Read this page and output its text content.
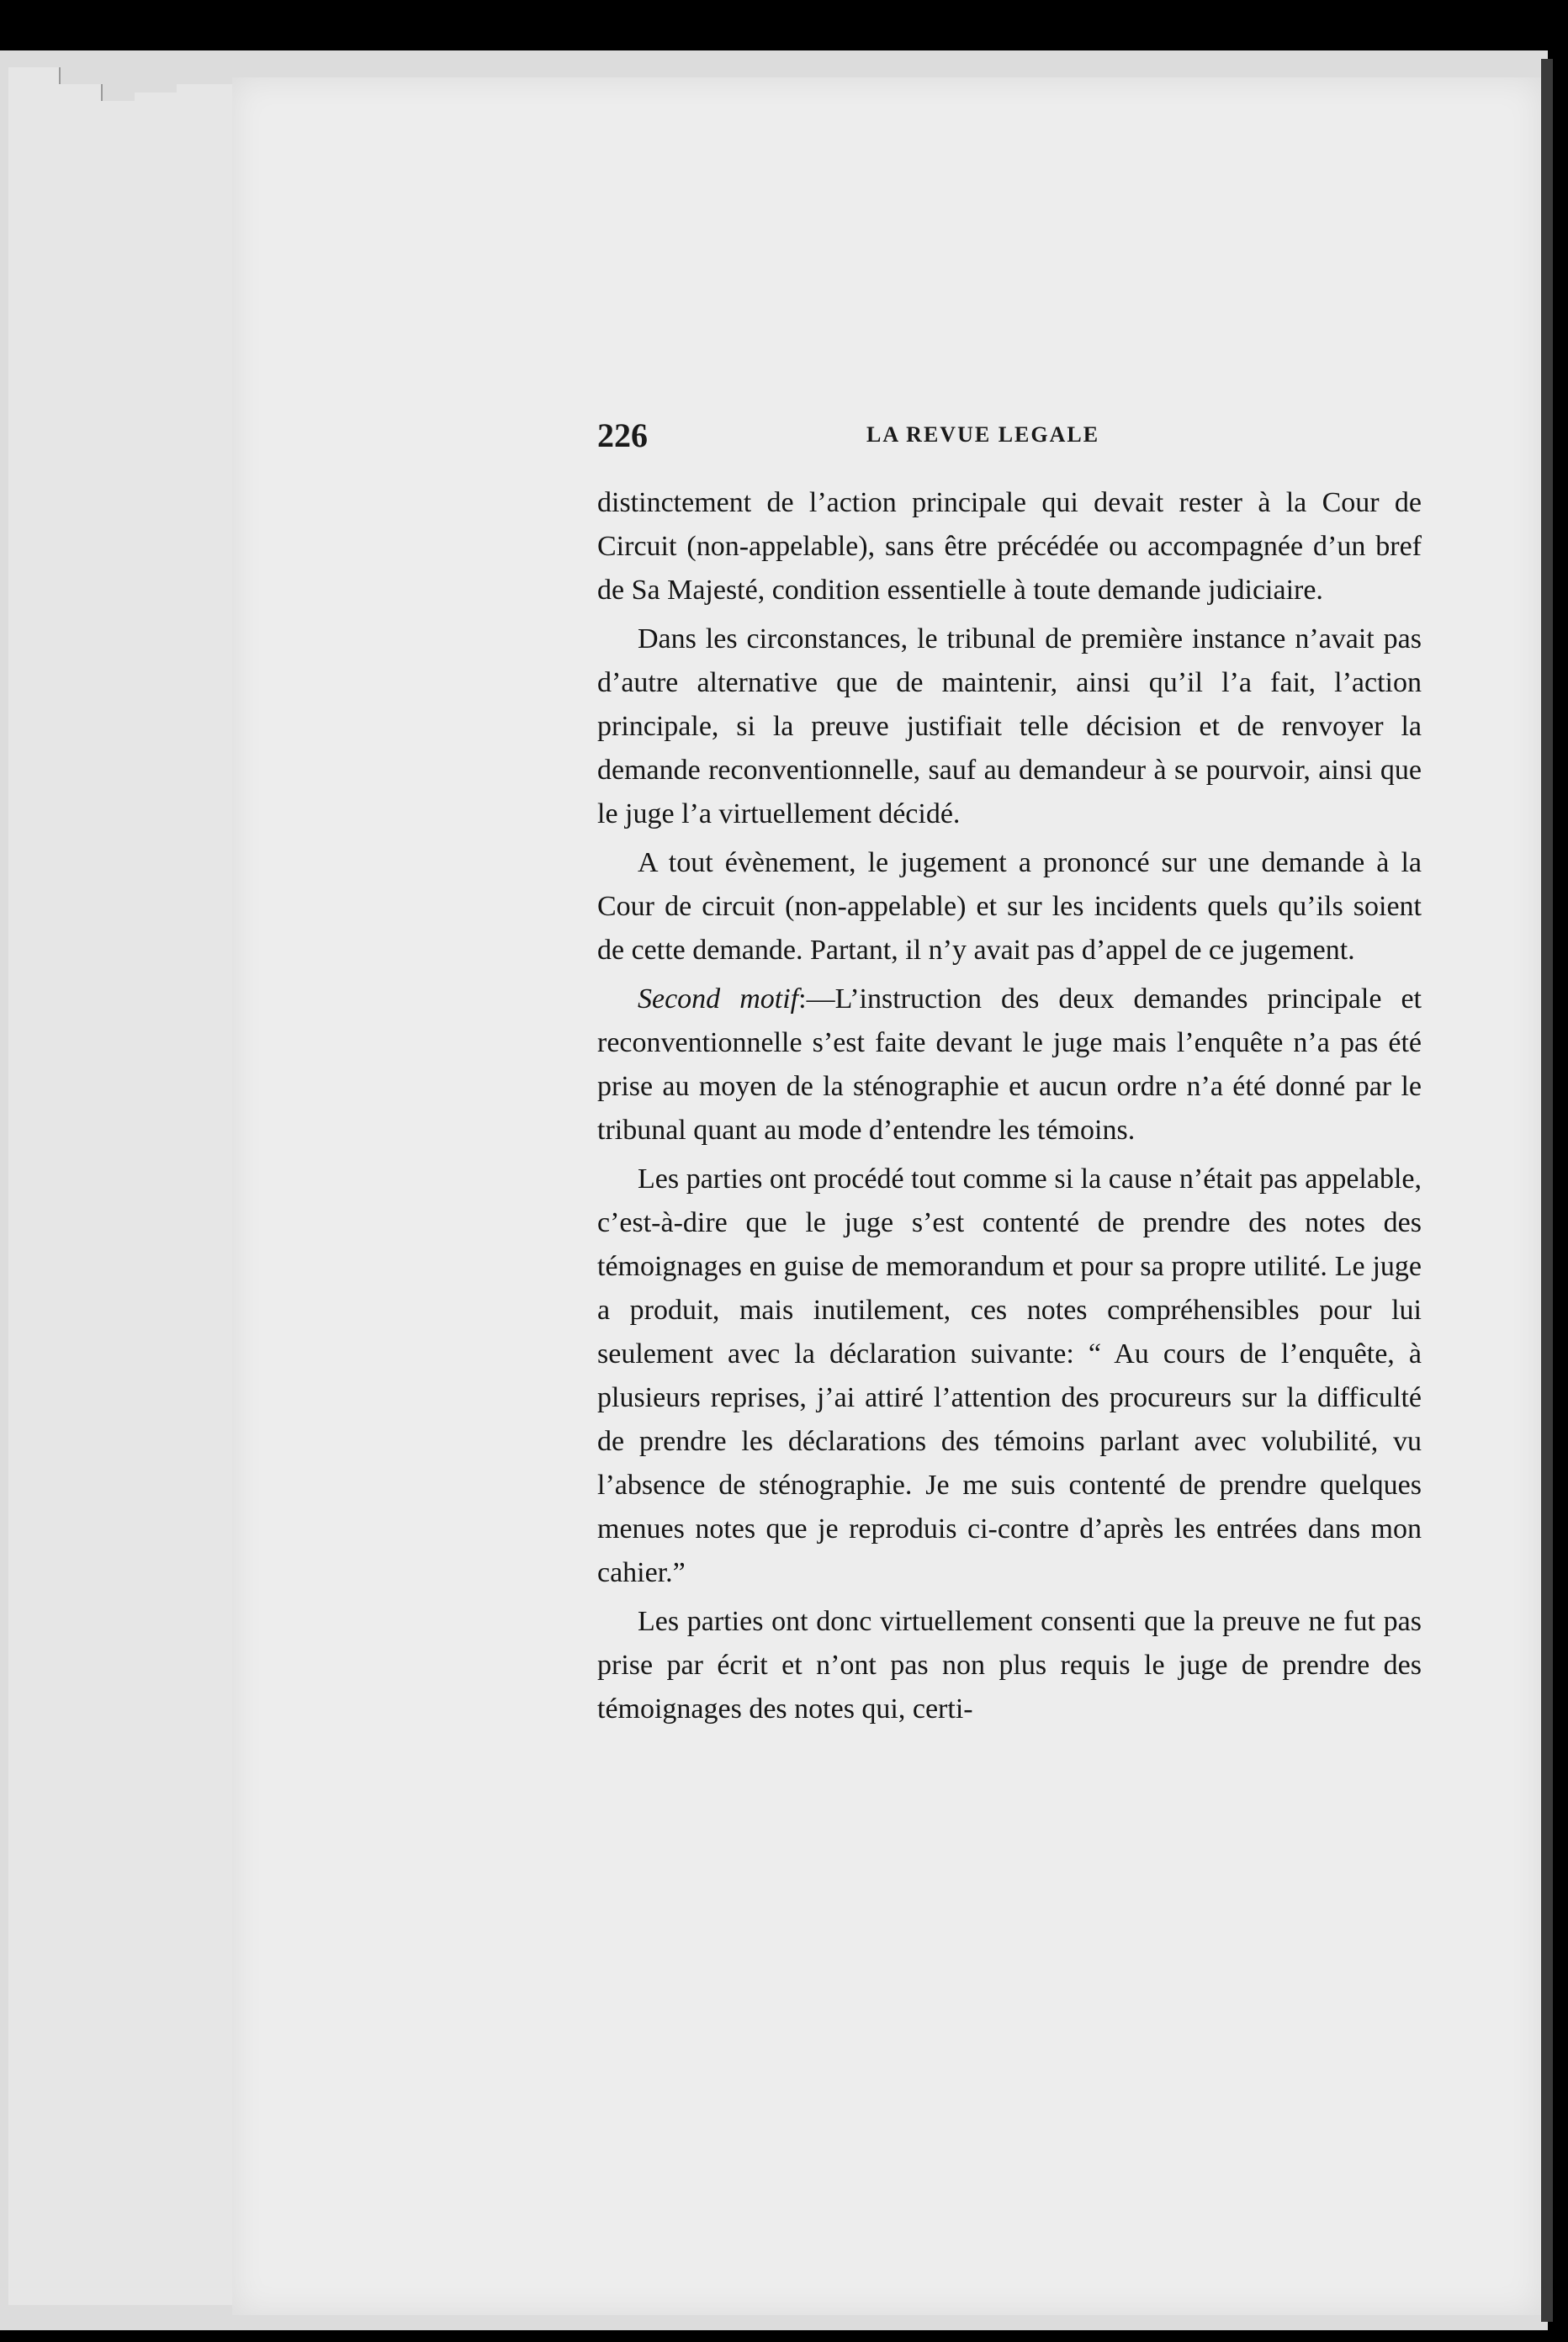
226	LA REVUE LEGALE

distinctement de l’action principale qui devait rester à la Cour de Circuit (non-appelable), sans être précédée ou accompagnée d’un bref de Sa Majesté, condition essentielle à toute demande judiciaire.

Dans les circonstances, le tribunal de première instance n’avait pas d’autre alternative que de maintenir, ainsi qu’il l’a fait, l’action principale, si la preuve justifiait telle décision et de renvoyer la demande reconventionnelle, sauf au demandeur à se pourvoir, ainsi que le juge l’a virtuellement décidé.

A tout évènement, le jugement a prononcé sur une demande à la Cour de circuit (non-appelable) et sur les incidents quels qu’ils soient de cette demande. Partant, il n’y avait pas d’appel de ce jugement.

Second motif:—L’instruction des deux demandes principale et reconventionnelle s’est faite devant le juge mais l’enquête n’a pas été prise au moyen de la sténographie et aucun ordre n’a été donné par le tribunal quant au mode d’entendre les témoins.

Les parties ont procédé tout comme si la cause n’était pas appelable, c’est-à-dire que le juge s’est contenté de prendre des notes des témoignages en guise de memorandum et pour sa propre utilité. Le juge a produit, mais inutilement, ces notes compréhensibles pour lui seulement avec la déclaration suivante: “ Au cours de l’enquête, à plusieurs reprises, j’ai attiré l’attention des procureurs sur la difficulté de prendre les déclarations des témoins parlant avec volubilité, vu l’absence de sténographie. Je me suis contenté de prendre quelques menues notes que je reproduis ci-contre d’après les entrées dans mon cahier.”

Les parties ont donc virtuellement consenti que la preuve ne fut pas prise par écrit et n’ont pas non plus requis le juge de prendre des témoignages des notes qui, certi-
